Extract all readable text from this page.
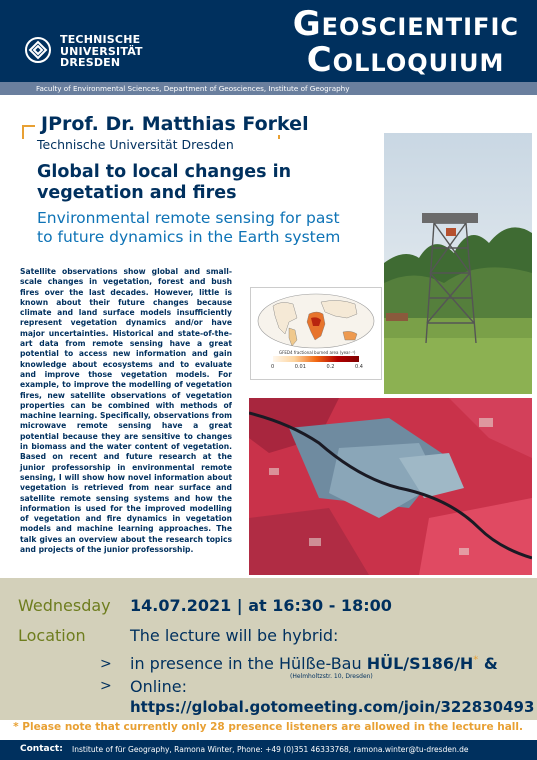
TECHNISCHE
UNIVERSITÄT
DRESDEN
Geoscientific
Colloquium
Faculty of Environmental Sciences, Department of Geosciences, Institute of Geography
JProf. Dr. Matthias Forkel
Technische Universität Dresden
Global to local changes in
vegetation and fires
Environmental remote sensing for past
to future dynamics in the Earth system
Satellite observations show global and small-scale changes in vegetation, forest and bush fires over the last decades. However, little is known about their future changes because climate and land surface models insufficiently represent vegetation dynamics and/or have major uncertainties. Historical and state-of-the-art data from remote sensing have a great potential to access new information and gain knowledge about ecosystems and to evaluate and improve those vegetation models. For example, to improve the modelling of vegetation fires, new satellite observations of vegetation properties can be combined with methods of machine learning. Specifically, observations from microwave remote sensing have a great potential because they are sensitive to changes in biomass and the water content of vegetation. Based on recent and future research at the junior professorship in environmental remote sensing, I will show how novel information about vegetation is retrieved from near surface and satellite remote sensing systems and how the information is used for the improved modelling of vegetation and fire dynamics in vegetation models and machine learning approaches. The talk gives an overview about the research topics and projects of the junior professorship.
GFED4 fractional burned area (year⁻¹)
0	0.01	0.2	0.4
Wednesday 14.07.2021 | at 16:30 - 18:00
Location	The lecture will be hybrid:
> in presence in the Hülße-Bau HÜL/S186/H* &
(Helmholtzstr. 10, Dresden)
> Online:
https://global.gotomeeting.com/join/322830493
* Please note that currently only 28 presence listeners are allowed in the lecture hall.
Contact: Institute of für Geography, Ramona Winter, Phone: +49 (0)351 46333768, ramona.winter@tu-dresden.de
